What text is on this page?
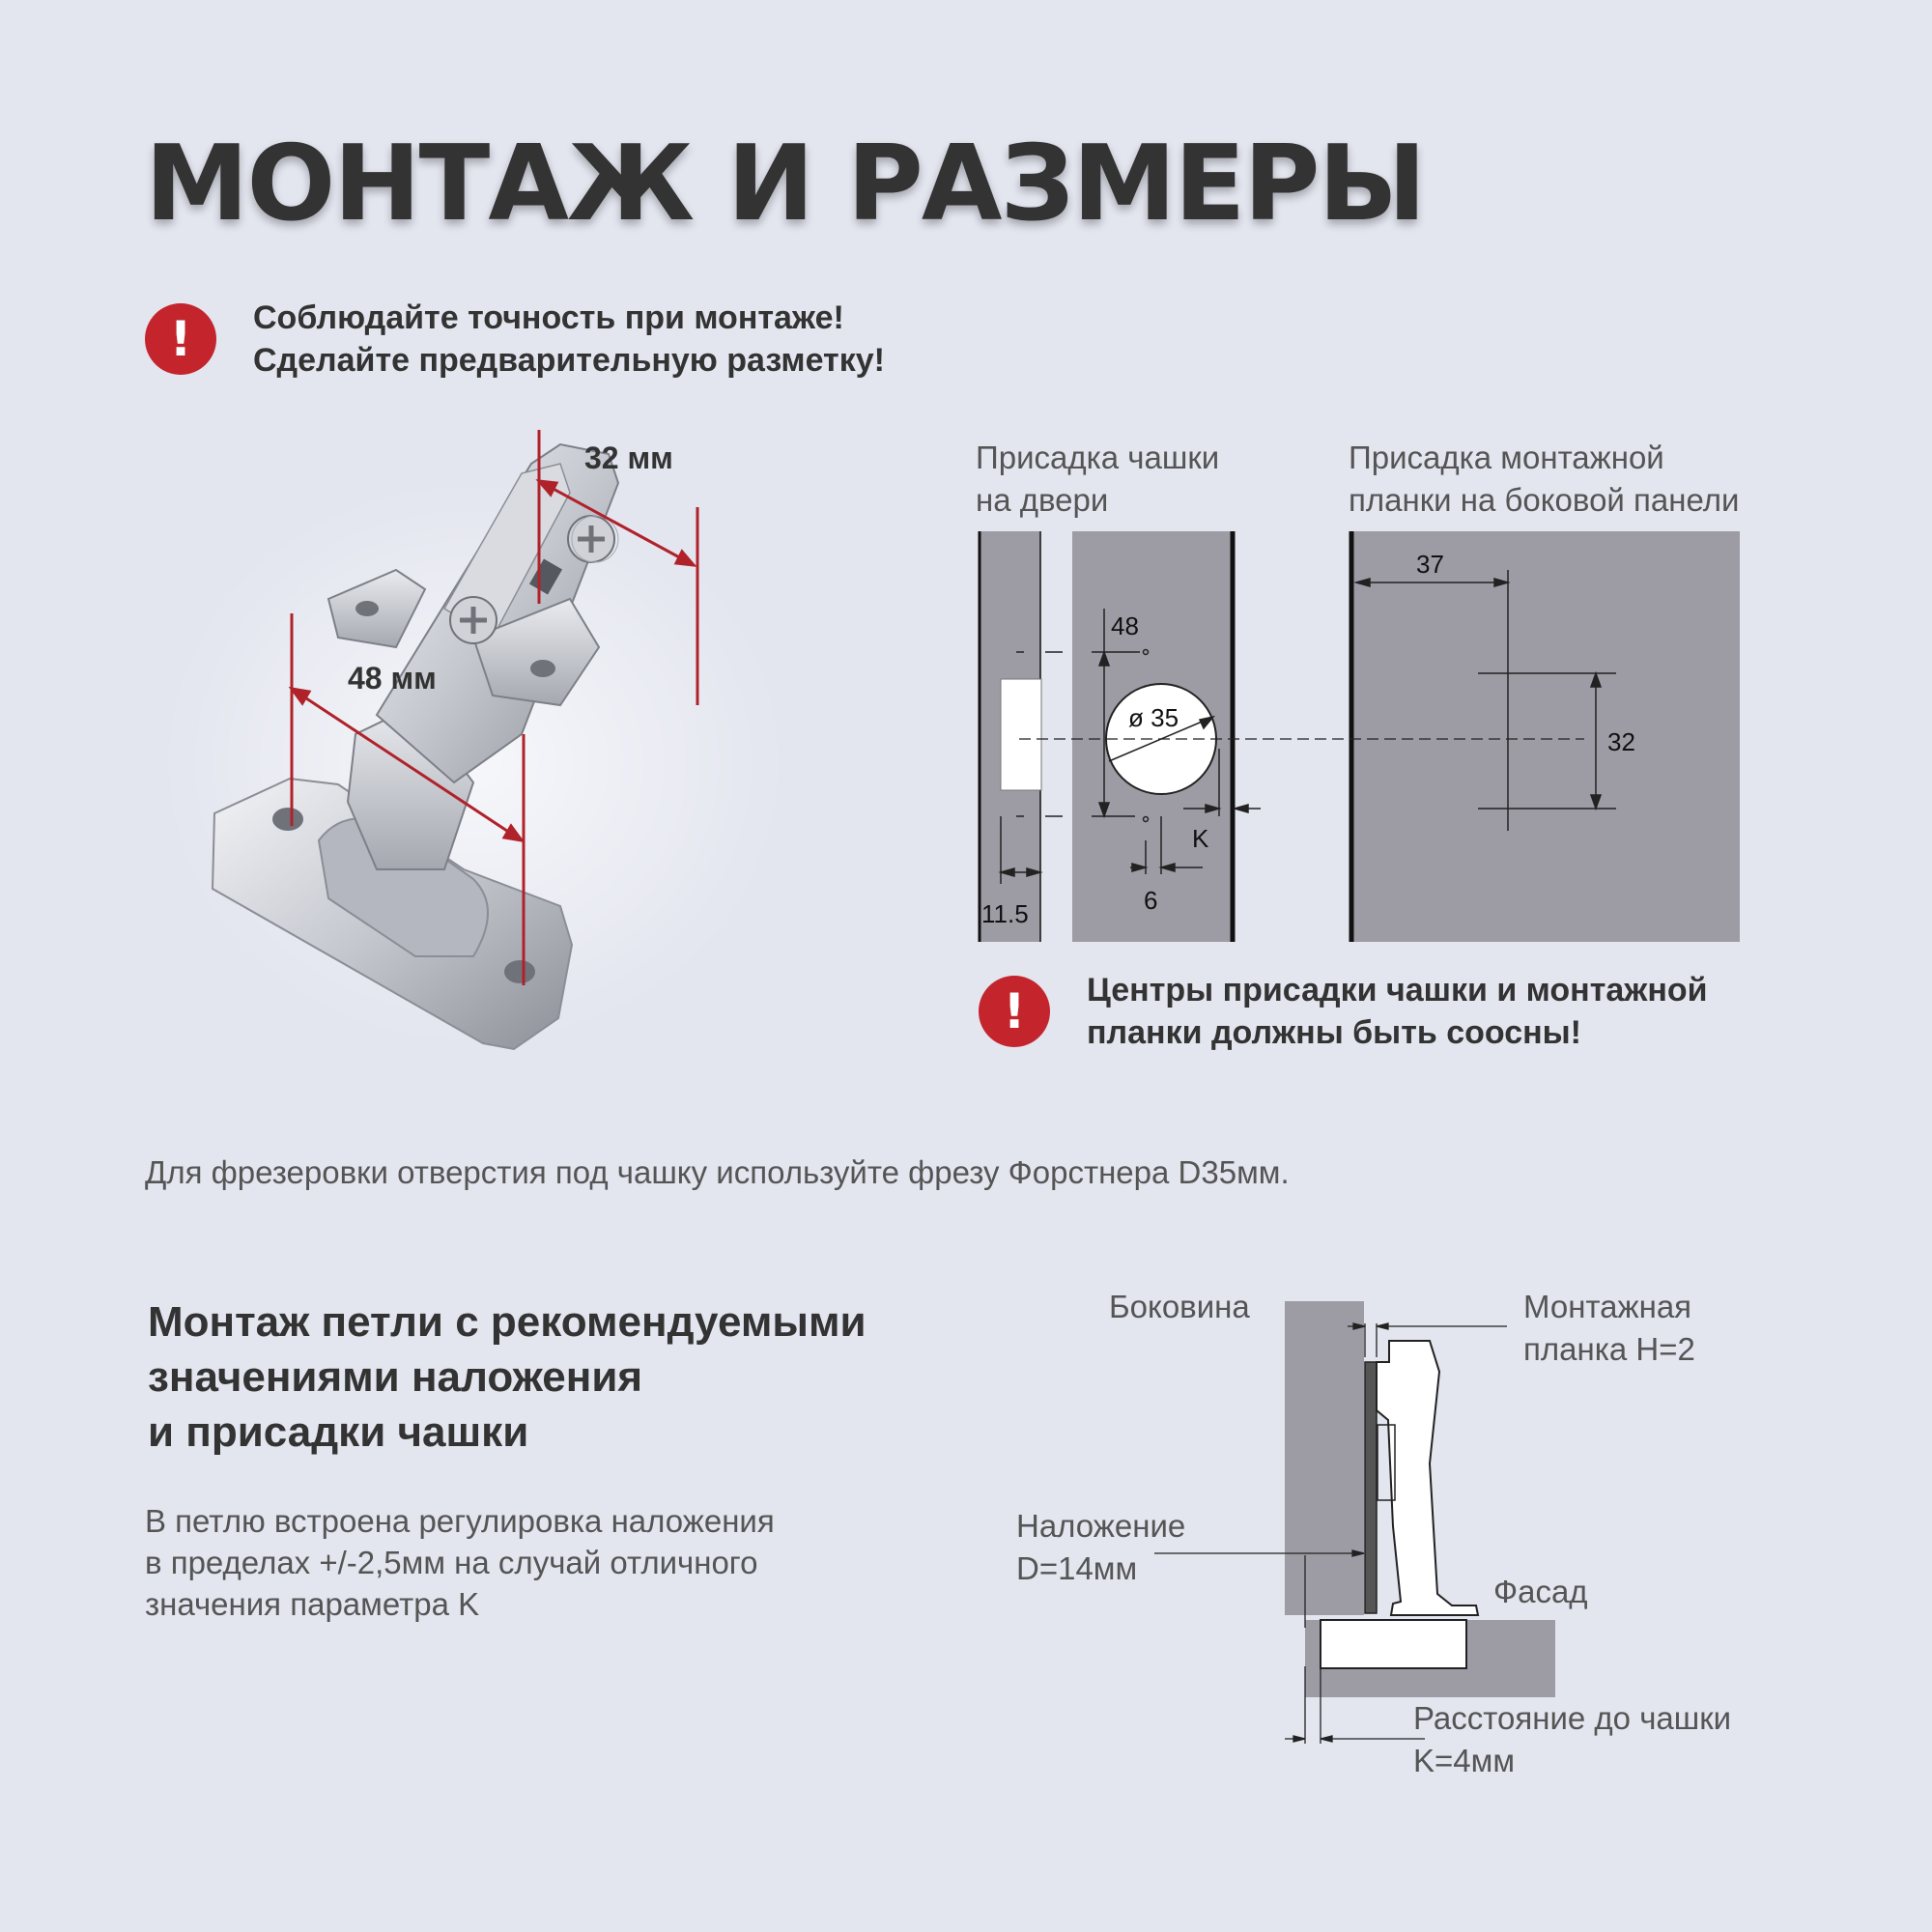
МОНТАЖ И РАЗМЕРЫ
!	Соблюдайте точность при монтаже!
Сделайте предварительную разметку!
32 мм
48 мм
Присадка чашки
на двери
Присадка монтажной
планки на боковой панели
48
ø 35
K
6
11.5
37
32
!	Центры присадки чашки и монтажной
планки должны быть соосны!
Для фрезеровки отверстия под чашку используйте фрезу Форстнера D35мм.
Монтаж петли с рекомендуемыми
значениями наложения
и присадки чашки
В петлю встроена регулировка наложения
в пределах +/-2,5мм на случай отличного
значения параметра K
Боковина	Монтажная
планка H=2
Наложение
D=14мм
Фасад
Расстояние до чашки
K=4мм
